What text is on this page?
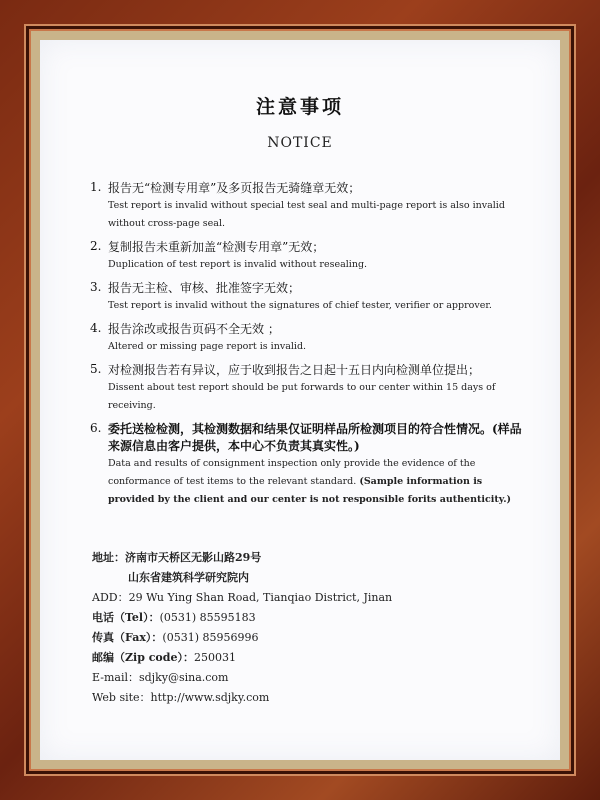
注意事项
NOTICE
1. 报告无“检测专用章”及多页报告无骑缝章无效；
Test report is invalid without special test seal and multi-page report is also invalid without cross-page seal.
2. 复制报告未重新加盖“检测专用章”无效；
Duplication of test report is invalid without resealing.
3. 报告无主检、审核、批准签字无效；
Test report is invalid without the signatures of chief tester, verifier or approver.
4. 报告涂改或报告页码不全无效 ；
Altered or missing page report is invalid.
5. 对检测报告若有异议，应于收到报告之日起十五日内向检测单位提出；
Dissent about test report should be put forwards to our center within 15 days of receiving.
6. 委托送检检测，其检测数据和结果仅证明样品所检测项目的符合性情况。(样品来源信息由客户提供，本中心不负责其真实性。)
Data and results of consignment inspection only provide the evidence of the conformance of test items to the relevant standard. (Sample information is provided by the client and our center is not responsible forits authenticity.)
地址：济南市天桥区无影山路29号
山东省建筑科学研究院内
ADD：29 Wu Ying Shan Road, Tianqiao District, Jinan
电话（Tel）：(0531) 85595183
传真（Fax）：(0531) 85956996
邮编（Zip code）：250031
E-mail：sdjky@sina.com
Web site：http://www.sdjky.com
